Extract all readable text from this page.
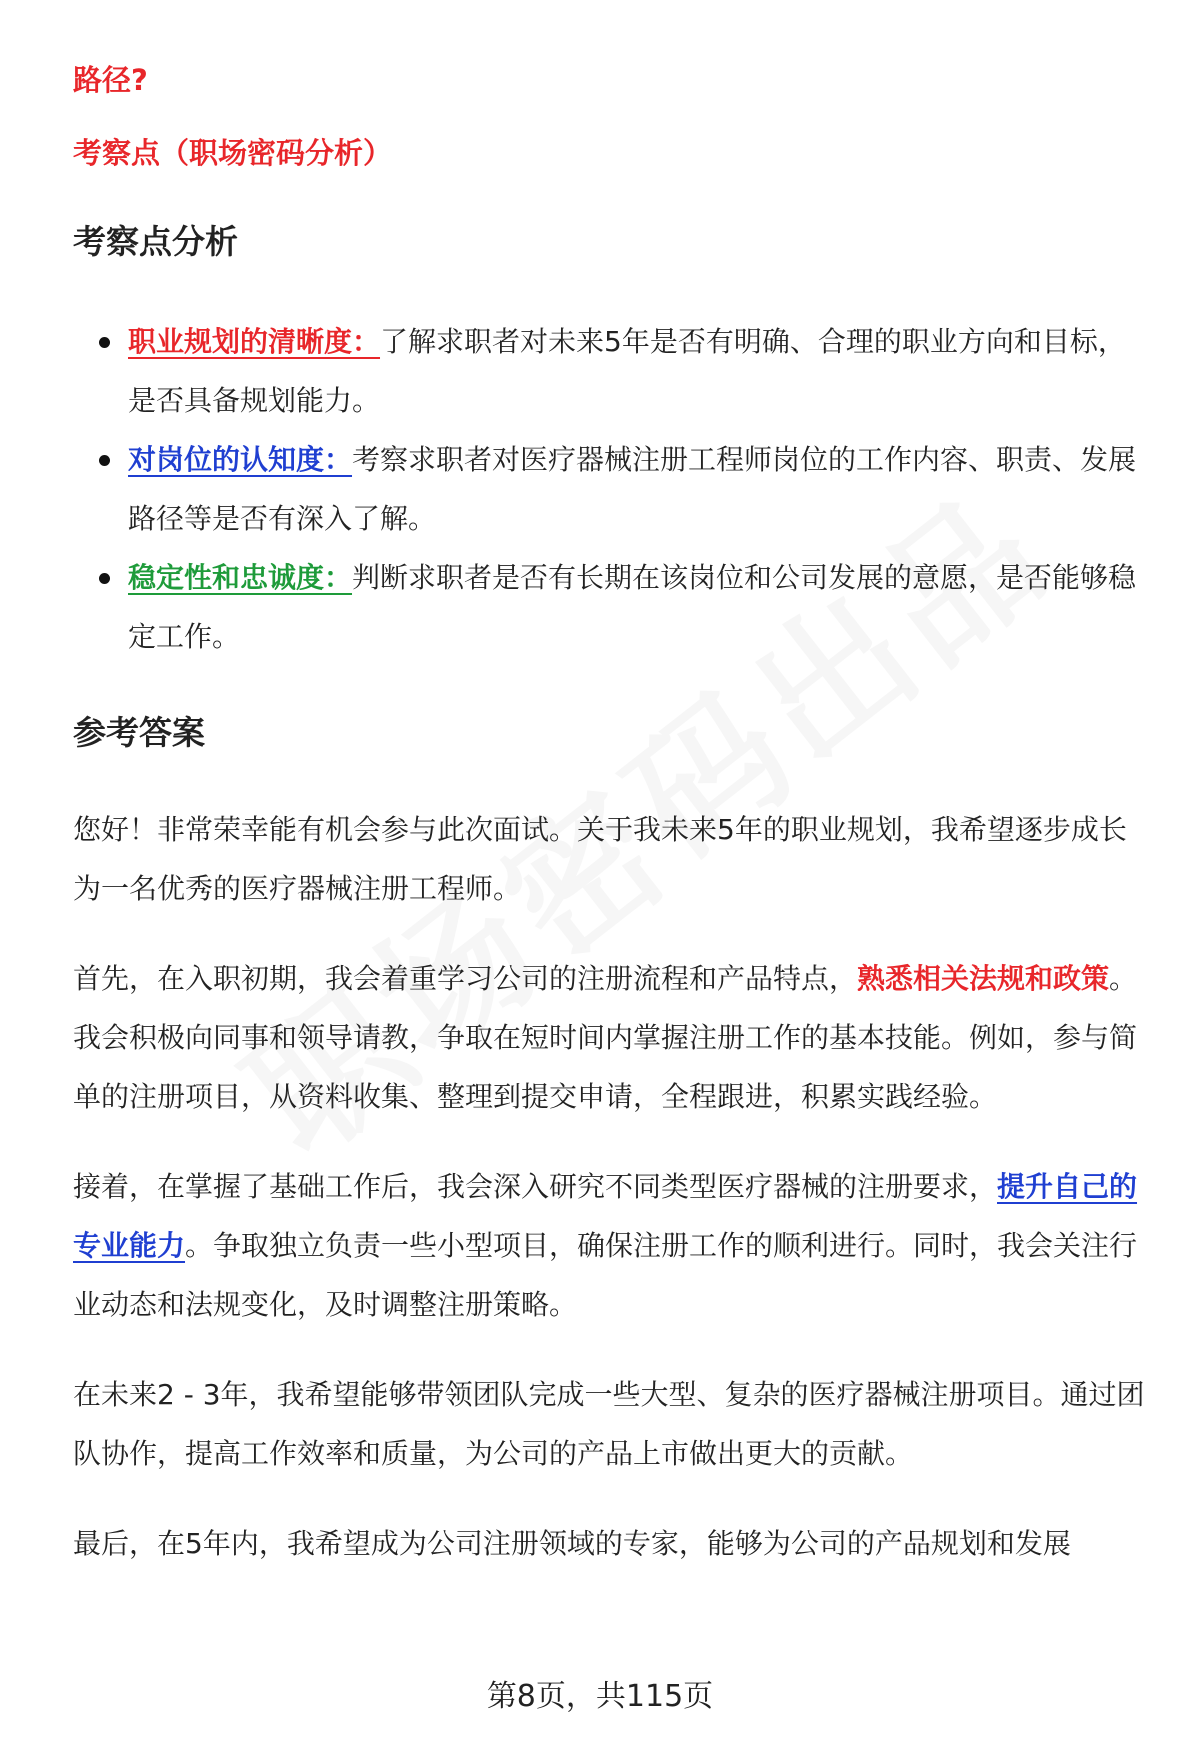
路径?

考察点（职场密码分析）

考察点分析
职业规划的清晰度：了解求职者对未来5年是否有明确、合理的职业方向和目标，是否具备规划能力。
对岗位的认知度：考察求职者对医疗器械注册工程师岗位的工作内容、职责、发展路径等是否有深入了解。
稳定性和忠诚度：判断求职者是否有长期在该岗位和公司发展的意愿，是否能够稳定工作。
参考答案

您好！非常荣幸能有机会参与此次面试。关于我未来5年的职业规划，我希望逐步成长为一名优秀的医疗器械注册工程师。

首先，在入职初期，我会着重学习公司的注册流程和产品特点，熟悉相关法规和政策。我会积极向同事和领导请教，争取在短时间内掌握注册工作的基本技能。例如，参与简单的注册项目，从资料收集、整理到提交申请，全程跟进，积累实践经验。

接着，在掌握了基础工作后，我会深入研究不同类型医疗器械的注册要求，提升自己的专业能力。争取独立负责一些小型项目，确保注册工作的顺利进行。同时，我会关注行业动态和法规变化，及时调整注册策略。

在未来2 - 3年，我希望能够带领团队完成一些大型、复杂的医疗器械注册项目。通过团队协作，提高工作效率和质量，为公司的产品上市做出更大的贡献。

最后，在5年内，我希望成为公司注册领域的专家，能够为公司的产品规划和发展

第8页，共115页
